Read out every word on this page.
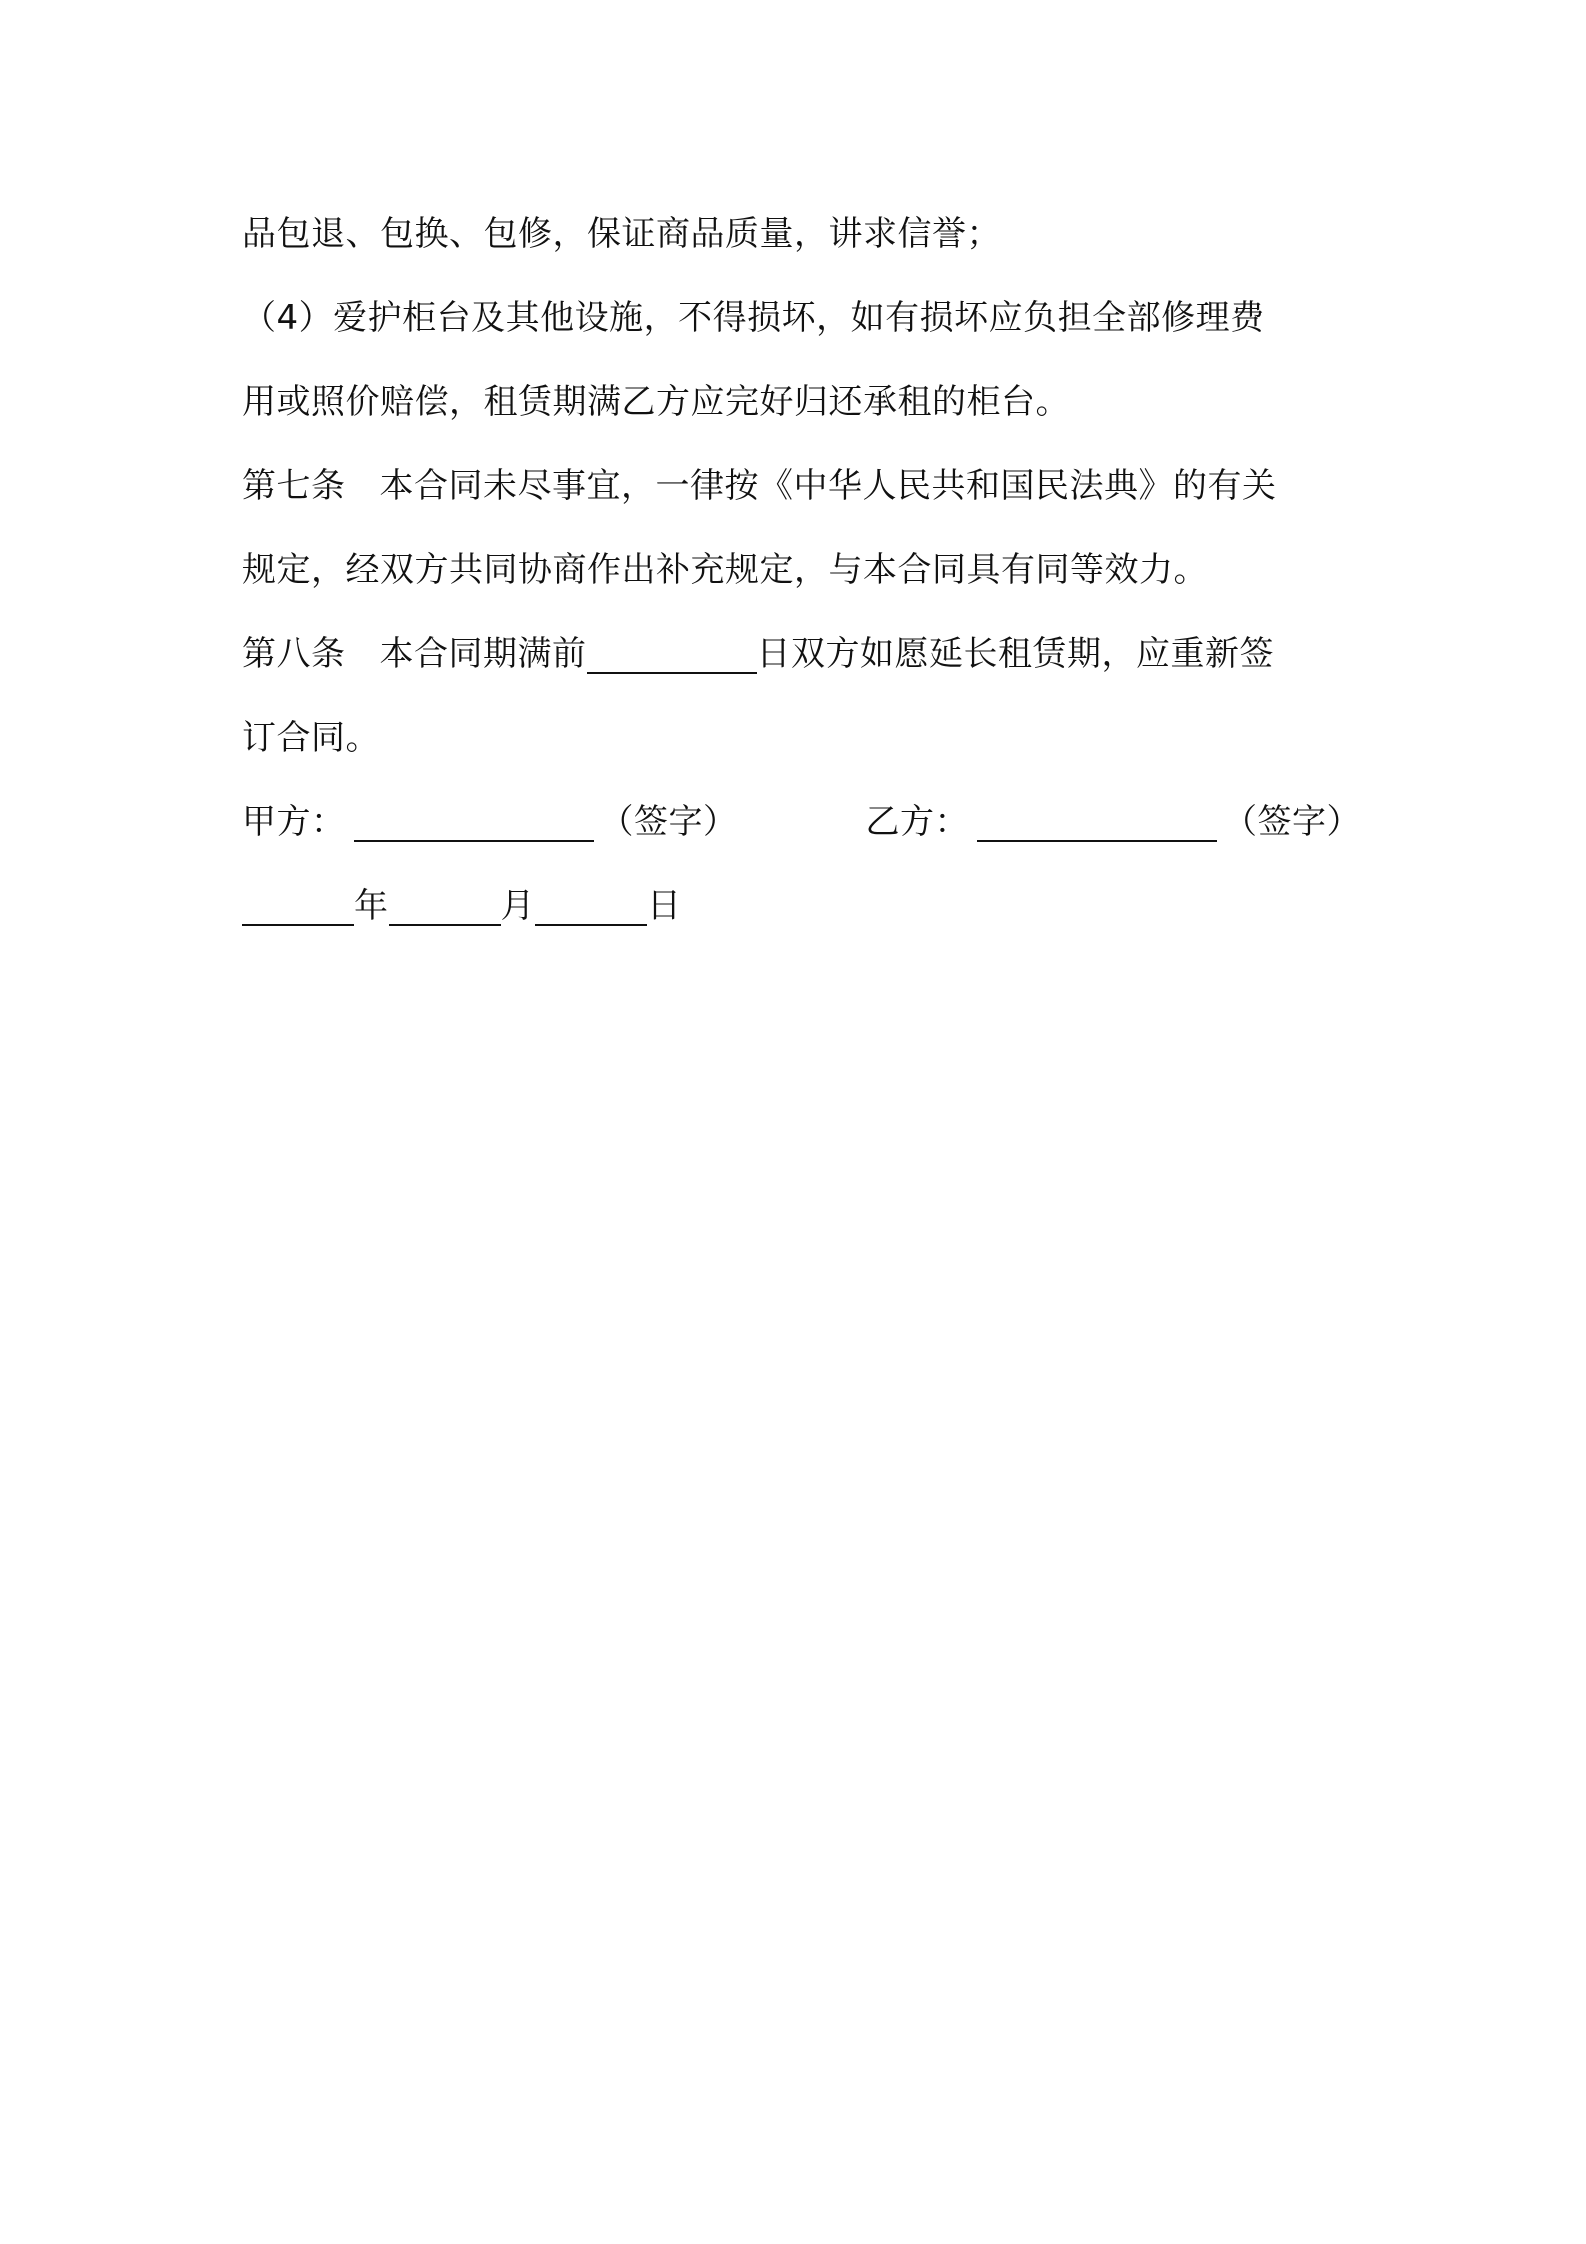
品包退、包换、包修，保证商品质量，讲求信誉；
（4）爱护柜台及其他设施，不得损坏，如有损坏应负担全部修理费
用或照价赔偿，租赁期满乙方应完好归还承租的柜台。
第七条 本合同未尽事宜，一律按《中华人民共和国民法典》的有关
规定，经双方共同协商作出补充规定，与本合同具有同等效力。
第八条 本合同期满前	日双方如愿延长租赁期，应重新签
订合同。
甲方：	（签字）	乙方：	（签字）
年	月	日
